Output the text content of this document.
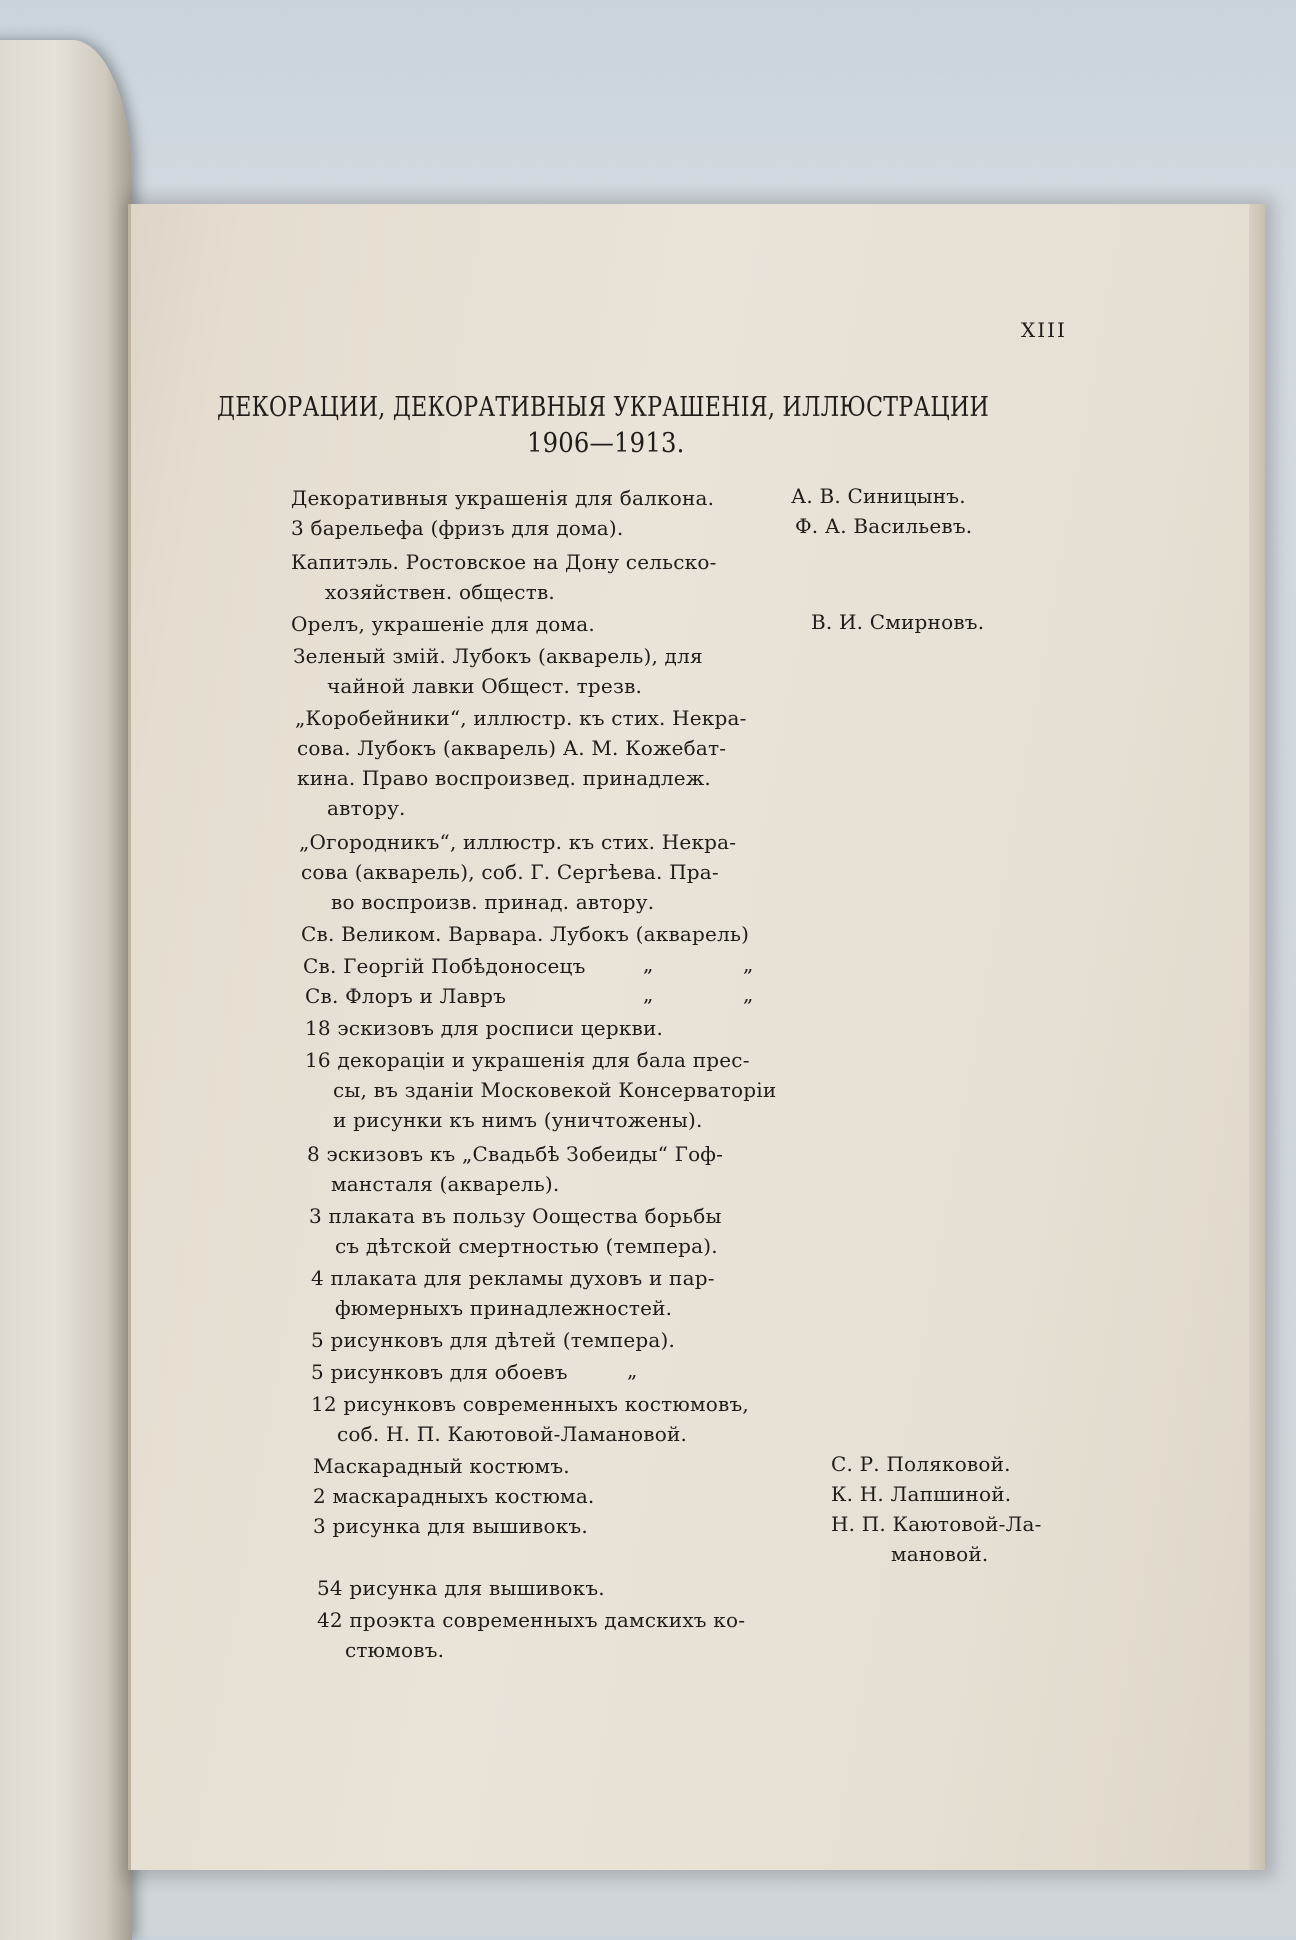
XIII
ДЕКОРАЦИИ, ДЕКОРАТИВНЫЯ УКРАШЕНІЯ, ИЛЛЮСТРАЦИИ
1906—1913.
Декоративныя украшенія для балкона.	А. В. Синицынъ.
3 барельефа (фризъ для дома).	Ф. А. Васильевъ.
Капитэль. Ростовское на Дону сельско-
хозяйствен. обществ.
Орелъ, украшеніе для дома.	В. И. Смирновъ.
Зеленый змій. Лубокъ (акварель), для
чайной лавки Общест. трезв.
„Коробейники“, иллюстр. къ стих. Некра-
сова. Лубокъ (акварель) А. М. Кожебат-
кина. Право воспроизвед. принадлеж.
автору.
„Огородникъ“, иллюстр. къ стих. Некра-
сова (акварель), соб. Г. Сергѣева. Пра-
во воспроизв. принад. автору.
Св. Великом. Варвара. Лубокъ (акварель)
Св. Георгій Побѣдоносецъ	„	„
Св. Флоръ и Лавръ	„	„
18 эскизовъ для росписи церкви.
16 декораціи и украшенія для бала прес-
сы, въ зданіи Московекой Консерваторіи
и рисунки къ нимъ (уничтожены).
8 эскизовъ къ „Свадьбѣ Зобеиды“ Гоф-
манcталя (акварель).
3 плаката въ пользу Оощества борьбы
съ дѣтской смертностью (темпера).
4 плаката для рекламы духовъ и пар-
фюмерныхъ принадлежностей.
5 рисунковъ для дѣтей (темпера).
5 рисунковъ для обоевъ	„
12 рисунковъ современныхъ костюмовъ,
соб. Н. П. Каютовой-Ламановой.
Маскарадный костюмъ.	С. Р. Поляковой.
2 маскарадныхъ костюма.	К. Н. Лапшиной.
3 рисунка для вышивокъ.	Н. П. Каютовой-Ла-
мановой.
54 рисунка для вышивокъ.
42 проэкта современныхъ дамскихъ ко-
стюмовъ.
